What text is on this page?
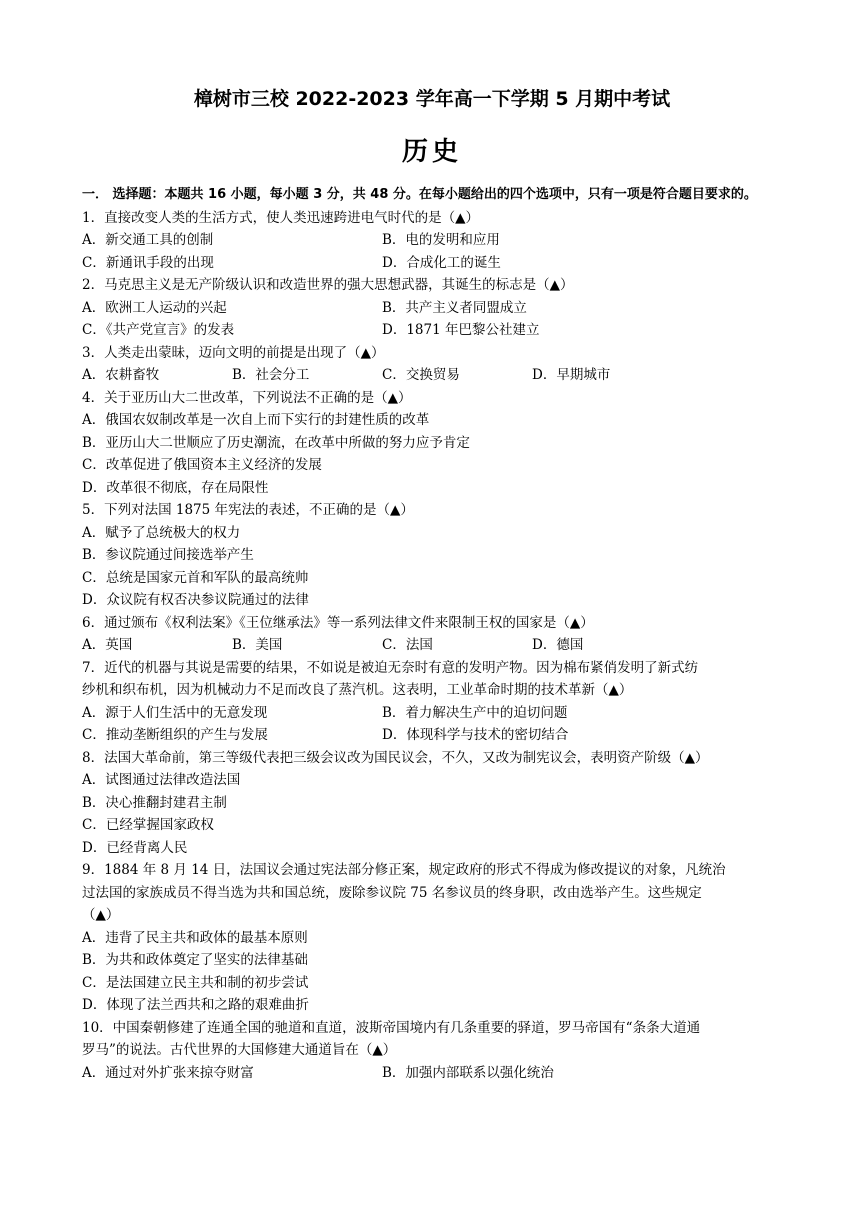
樟树市三校 2022-2023 学年高一下学期 5 月期中考试
历史
一． 选择题：本题共 16 小题，每小题 3 分，共 48 分。在每小题给出的四个选项中，只有一项是符合题目要求的。
1．直接改变人类的生活方式，使人类迅速跨进电气时代的是（▲）
A．新交通工具的创制	B．电的发明和应用
C．新通讯手段的出现	D．合成化工的诞生
2．马克思主义是无产阶级认识和改造世界的强大思想武器，其诞生的标志是（▲）
A．欧洲工人运动的兴起	B．共产主义者同盟成立
C．《共产党宣言》的发表	D．1871 年巴黎公社建立
3．人类走出蒙昧，迈向文明的前提是出现了（▲）
A．农耕畜牧	B．社会分工	C．交换贸易	D．早期城市
4．关于亚历山大二世改革，下列说法不正确的是（▲）
A．俄国农奴制改革是一次自上而下实行的封建性质的改革
B．亚历山大二世顺应了历史潮流，在改革中所做的努力应予肯定
C．改革促进了俄国资本主义经济的发展
D．改革很不彻底，存在局限性
5．下列对法国 1875 年宪法的表述，不正确的是（▲）
A．赋予了总统极大的权力
B．参议院通过间接选举产生
C．总统是国家元首和军队的最高统帅
D．众议院有权否决参议院通过的法律
6．通过颁布《权利法案》《王位继承法》等一系列法律文件来限制王权的国家是（▲）
A．英国	B．美国	C．法国	D．德国
7．近代的机器与其说是需要的结果，不如说是被迫无奈时有意的发明产物。因为棉布紧俏发明了新式纺
纱机和织布机，因为机械动力不足而改良了蒸汽机。这表明，工业革命时期的技术革新（▲）
A．源于人们生活中的无意发现	B．着力解决生产中的迫切问题
C．推动垄断组织的产生与发展	D．体现科学与技术的密切结合
8．法国大革命前，第三等级代表把三级会议改为国民议会，不久，又改为制宪议会，表明资产阶级（▲）
A．试图通过法律改造法国
B．决心推翻封建君主制
C．已经掌握国家政权
D．已经背离人民
9．1884 年 8 月 14 日，法国议会通过宪法部分修正案，规定政府的形式不得成为修改提议的对象，凡统治
过法国的家族成员不得当选为共和国总统，废除参议院 75 名参议员的终身职，改由选举产生。这些规定
（▲）
A．违背了民主共和政体的最基本原则
B．为共和政体奠定了坚实的法律基础
C．是法国建立民主共和制的初步尝试
D．体现了法兰西共和之路的艰难曲折
10．中国秦朝修建了连通全国的驰道和直道，波斯帝国境内有几条重要的驿道，罗马帝国有“条条大道通
罗马”的说法。古代世界的大国修建大通道旨在（▲）
A．通过对外扩张来掠夺财富	B．加强内部联系以强化统治
